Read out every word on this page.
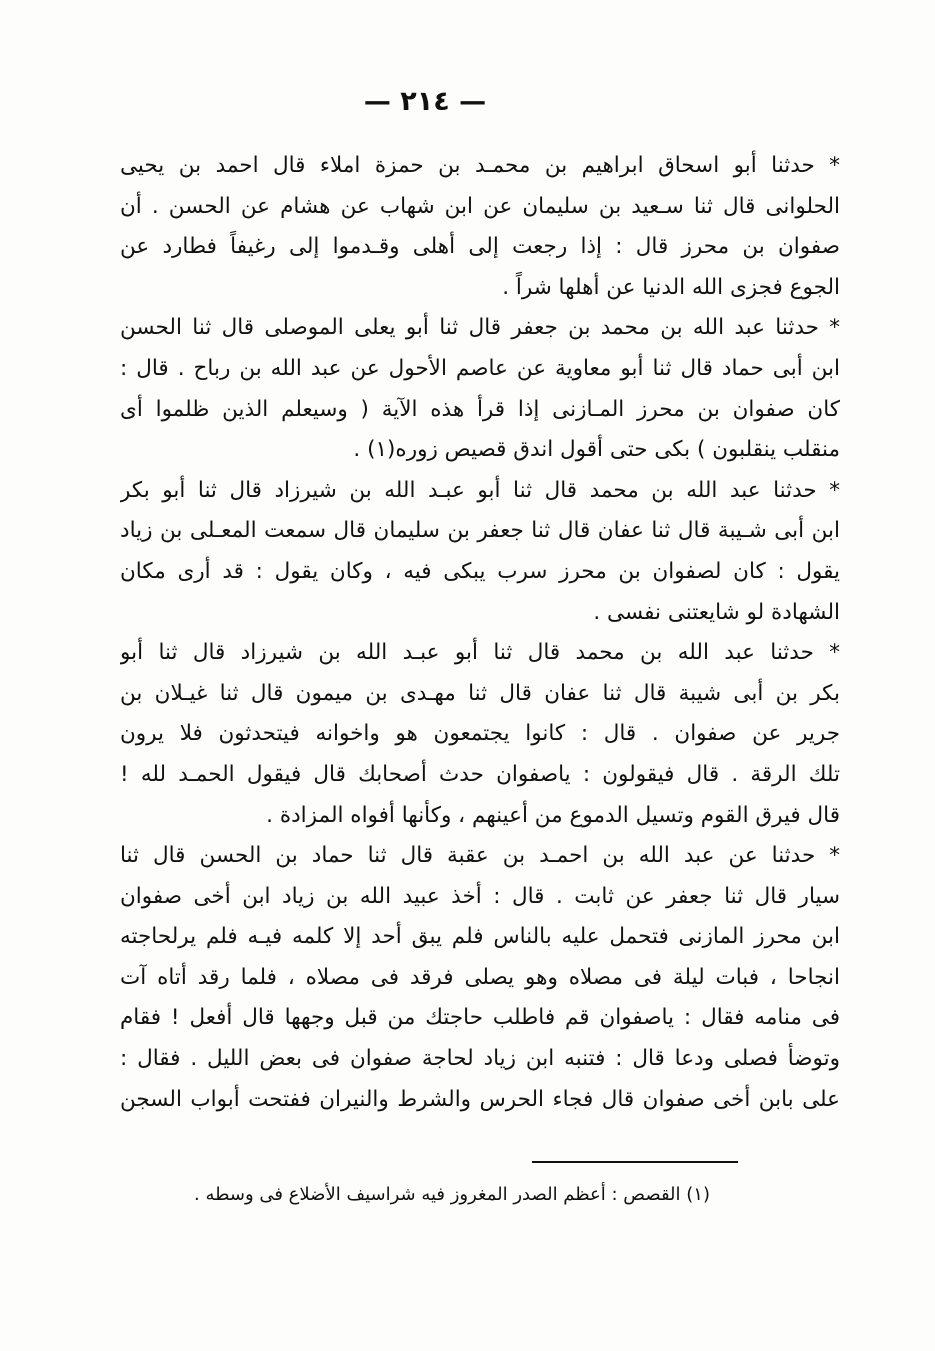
— ٢١٤ —
* حدثنا أبو اسحاق ابراهيم بن محمـد بن حمزة املاء قال احمد بن يحيى
الحلوانى قال ثنا سـعيد بن سليمان عن ابن شهاب عن هشام عن الحسن . أن
صفوان بن محرز قال : إذا رجعت إلى أهلى وقـدموا إلى رغيفاً فطارد عن
الجوع فجزى الله الدنيا عن أهلها شراً .
* حدثنا عبد الله بن محمد بن جعفر قال ثنا أبو يعلى الموصلى قال ثنا الحسن
ابن أبى حماد قال ثنا أبو معاوية عن عاصم الأحول عن عبد الله بن رباح . قال :
كان صفوان بن محرز المـازنى إذا قرأ هذه الآية ( وسيعلم الذين ظلموا أى
منقلب ينقلبون ) بكى حتى أقول اندق قصيص زوره(١) .
* حدثنا عبد الله بن محمد قال ثنا أبو عبـد الله بن شيرزاد قال ثنا أبو بكر
ابن أبى شـيبة قال ثنا عفان قال ثنا جعفر بن سليمان قال سمعت المعـلى بن زياد
يقول : كان لصفوان بن محرز سرب يبكى فيه ، وكان يقول : قد أرى مكان
الشهادة لو شايعتنى نفسى .
* حدثنا عبد الله بن محمد قال ثنا أبو عبـد الله بن شيرزاد قال ثنا أبو
بكر بن أبى شيبة قال ثنا عفان قال ثنا مهـدى بن ميمون قال ثنا غيـلان بن
جرير عن صفوان . قال : كانوا يجتمعون هو واخوانه فيتحدثون فلا يرون
تلك الرقة . قال فيقولون : ياصفوان حدث أصحابك قال فيقول الحمـد لله !
قال فيرق القوم وتسيل الدموع من أعينهم ، وكأنها أفواه المزادة .
* حدثنا عن عبد الله بن احمـد بن عقبة قال ثنا حماد بن الحسن قال ثنا
سيار قال ثنا جعفر عن ثابت . قال : أخذ عبيد الله بن زياد ابن أخى صفوان
ابن محرز المازنى فتحمل عليه بالناس فلم يبق أحد إلا كلمه فيـه فلم يرلحاجته
انجاحا ، فبات ليلة فى مصلاه وهو يصلى فرقد فى مصلاه ، فلما رقد أتاه آت
فى منامه فقال : ياصفوان قم فاطلب حاجتك من قبل وجهها قال أفعل ! فقام
وتوضأ فصلى ودعا قال : فتنبه ابن زياد لحاجة صفوان فى بعض الليل . فقال :
على بابن أخى صفوان قال فجاء الحرس والشرط والنيران ففتحت أبواب السجن
(١) القصص : أعظم الصدر المغروز فيه شراسيف الأضلاع فى وسطه .
